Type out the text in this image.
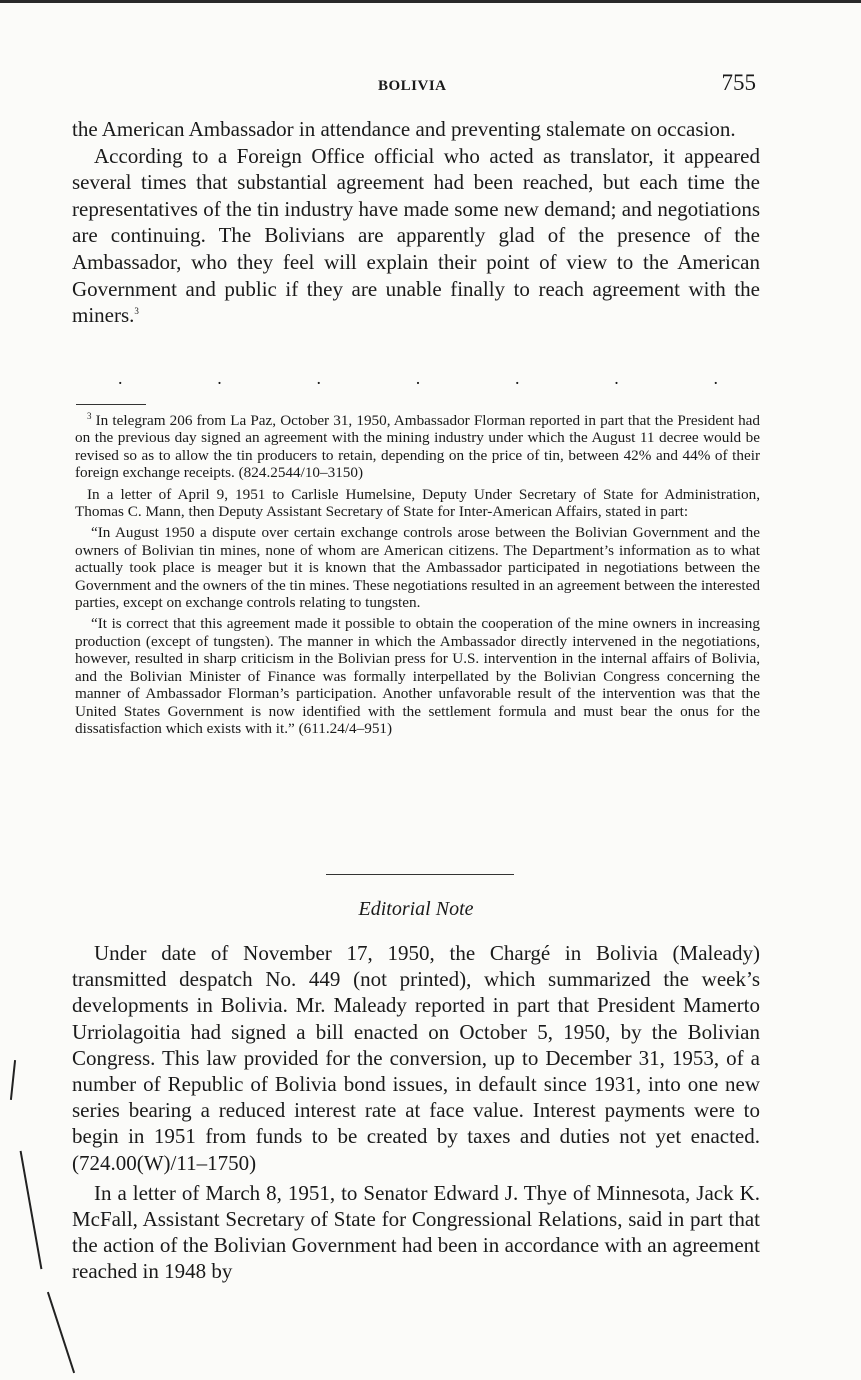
BOLIVIA	755

the American Ambassador in attendance and preventing stalemate on occasion.

According to a Foreign Office official who acted as translator, it appeared several times that substantial agreement had been reached, but each time the representatives of the tin industry have made some new demand; and negotiations are continuing. The Bolivians are apparently glad of the presence of the Ambassador, who they feel will explain their point of view to the American Government and public if they are unable finally to reach agreement with the miners.$^3$

.	.	.	.	.	.	.

$^3$ In telegram 206 from La Paz, October 31, 1950, Ambassador Florman reported in part that the President had on the previous day signed an agreement with the mining industry under which the August 11 decree would be revised so as to allow the tin producers to retain, depending on the price of tin, between 42% and 44% of their foreign exchange receipts. (824.2544/10–3150)

In a letter of April 9, 1951 to Carlisle Humelsine, Deputy Under Secretary of State for Administration, Thomas C. Mann, then Deputy Assistant Secretary of State for Inter-American Affairs, stated in part:

“In August 1950 a dispute over certain exchange controls arose between the Bolivian Government and the owners of Bolivian tin mines, none of whom are American citizens. The Department’s information as to what actually took place is meager but it is known that the Ambassador participated in negotiations between the Government and the owners of the tin mines. These negotiations resulted in an agreement between the interested parties, except on exchange controls relating to tungsten.

“It is correct that this agreement made it possible to obtain the cooperation of the mine owners in increasing production (except of tungsten). The manner in which the Ambassador directly intervened in the negotiations, however, resulted in sharp criticism in the Bolivian press for U.S. intervention in the internal affairs of Bolivia, and the Bolivian Minister of Finance was formally interpellated by the Bolivian Congress concerning the manner of Ambassador Florman’s participation. Another unfavorable result of the intervention was that the United States Government is now identified with the settlement formula and must bear the onus for the dissatisfaction which exists with it.” (611.24/4–951)

Editorial Note

Under date of November 17, 1950, the Chargé in Bolivia (Maleady) transmitted despatch No. 449 (not printed), which summarized the week’s developments in Bolivia. Mr. Maleady reported in part that President Mamerto Urriolagoitia had signed a bill enacted on October 5, 1950, by the Bolivian Congress. This law provided for the conversion, up to December 31, 1953, of a number of Republic of Bolivia bond issues, in default since 1931, into one new series bearing a reduced interest rate at face value. Interest payments were to begin in 1951 from funds to be created by taxes and duties not yet enacted. (724.00(W)/11–1750)

In a letter of March 8, 1951, to Senator Edward J. Thye of Minnesota, Jack K. McFall, Assistant Secretary of State for Congressional Relations, said in part that the action of the Bolivian Government had been in accordance with an agreement reached in 1948 by
